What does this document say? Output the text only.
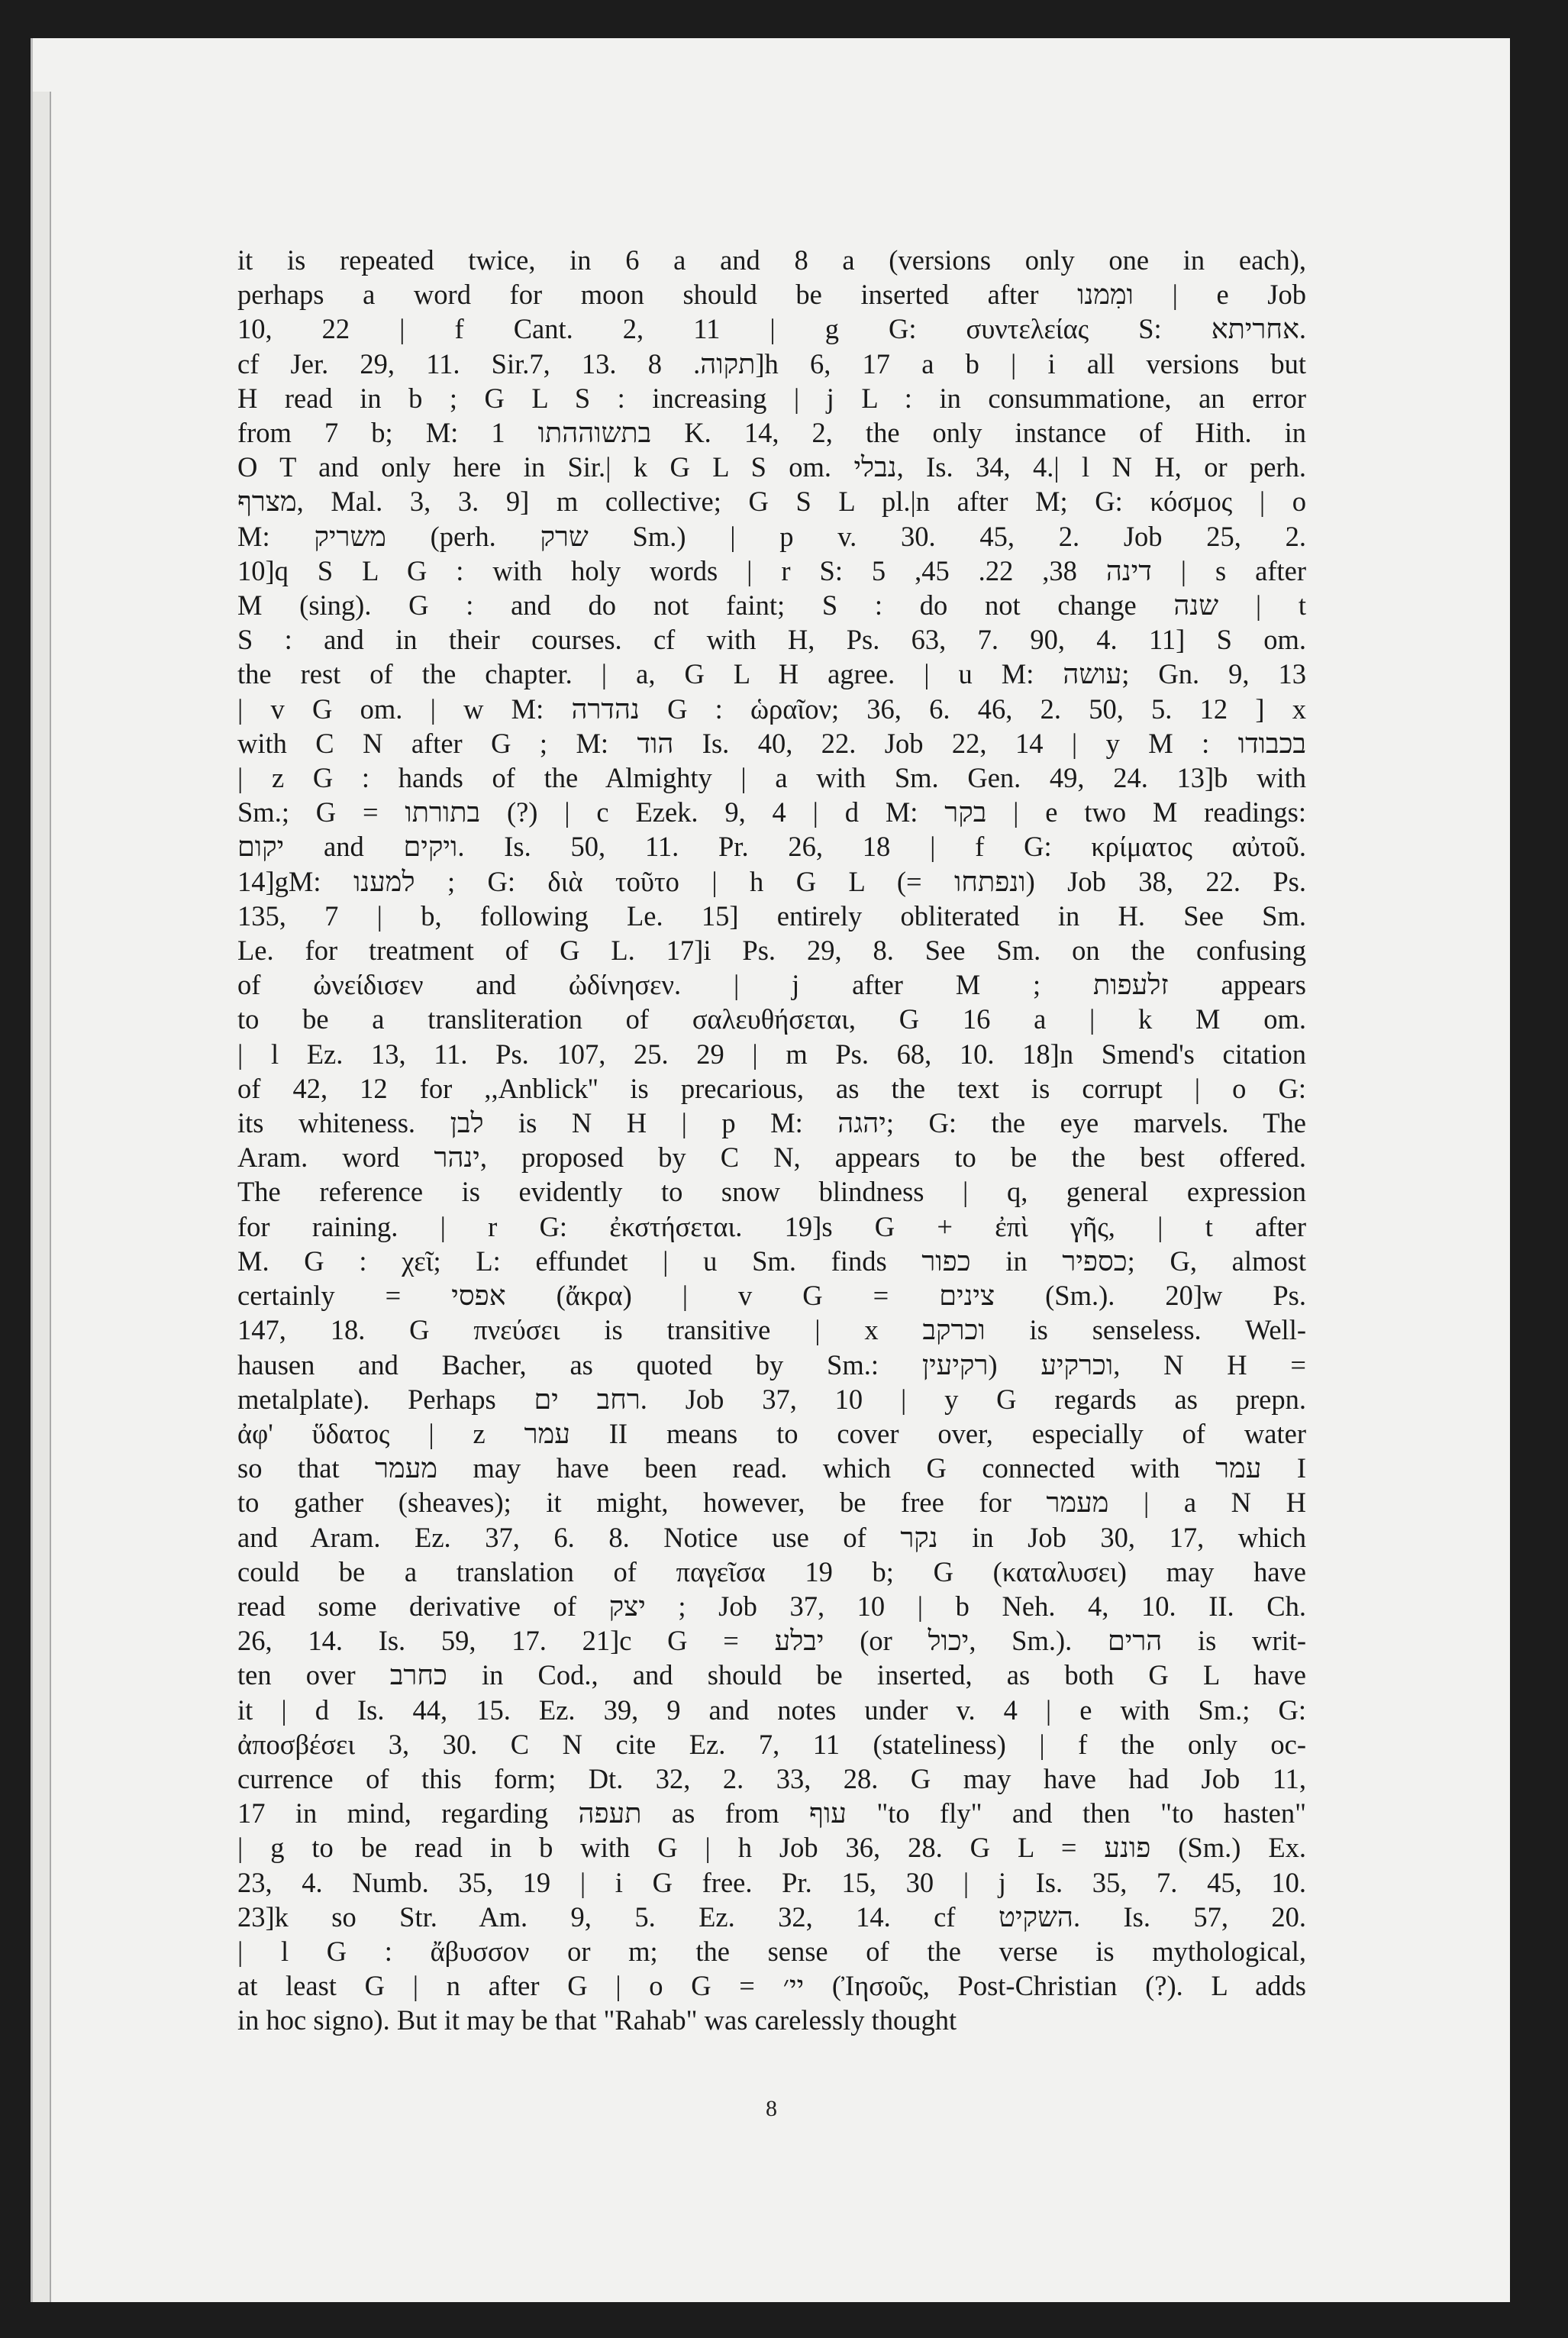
it is repeated twice, in 6 a and 8 a (versions only one in each),
perhaps a word for moon should be inserted after ומִמנו | e Job
10, 22 | f Cant. 2, 11 | g G: συντελείας S: אחריתא.
cf Jer. 29, 11. Sir.7, 13. תקוה. 8]h 6, 17 a b | i all versions but
H read in b ; G L S : increasing | j L : in consummatione, an error
from 7 b; M: בתשוההתו 1 K. 14, 2, the only instance of Hith. in
O T and only here in Sir.| k G L S om. נבלי, Is. 34, 4.| l N H, or perh.
מצרף, Mal. 3, 3. 9] m collective; G S L pl.|n after M; G: κόσμος | o
M: משריק (perh. שרק Sm.) | p v. 30. 45, 2. Job 25, 2.
10]q S L G : with holy words | r S: דינה 38, 22. 45, 5 | s after
M (sing). G : and do not faint; S : do not change שנה | t
S : and in their courses. cf with H, Ps. 63, 7. 90, 4. 11] S om.
the rest of the chapter. | a, G L H agree. | u M: עושה; Gn. 9, 13
| v G om. | w M: נהדרה G : ὡραῖον; 36, 6. 46, 2. 50, 5. 12 ] x
with C N after G ; M: הוד Is. 40, 22. Job 22, 14 | y M : בכבודו
| z G : hands of the Almighty | a with Sm. Gen. 49, 24. 13]b with
Sm.; G = בתורתו (?) | c Ezek. 9, 4 | d M: בקר | e two M readings:
יקום and ויקים. Is. 50, 11. Pr. 26, 18 | f G: κρίματος αὐτοῦ.
14]gM: למענו ; G: διὰ τοῦτο | h G L (= ונפתחו) Job 38, 22. Ps.
135, 7 | b, following Le. 15] entirely obliterated in H. See Sm.
Le. for treatment of G L. 17]i Ps. 29, 8. See Sm. on the confusing
of ὠνείδισεν and ὠδίνησεν. | j after M ; זלעפות appears
to be a transliteration of σαλευθήσεται, G 16 a | k M om.
| l Ez. 13, 11. Ps. 107, 25. 29 | m Ps. 68, 10. 18]n Smend's citation
of 42, 12 for ,,Anblick'' is precarious, as the text is corrupt | o G:
its whiteness. לבן is N H | p M: יהגה; G: the eye marvels. The
Aram. word ינהר, proposed by C N, appears to be the best offered.
The reference is evidently to snow blindness | q, general expression
for raining. | r G: ἐκστήσεται. 19]s G + ἐπὶ γῆς, | t after
M. G : χεῖ; L: effundet | u Sm. finds כפור in כספיר; G, almost
certainly = אפסי (ἄκρα) | v G = צינים (Sm.). 20]w Ps.
147, 18. G πνεύσει is transitive | x וכרקב is senseless. Well-
hausen and Bacher, as quoted by Sm.: וכרקיע (רקיעין, N H =
metalplate). Perhaps רחב ים. Job 37, 10 | y G regards as prepn.
ἀφ' ὕδατος | z עמר II means to cover over, especially of water
so that מעמר may have been read. which G connected with עמר I
to gather (sheaves); it might, however, be free for מעמר | a N H
and Aram. Ez. 37, 6. 8. Notice use of נקר in Job 30, 17, which
could be a translation of παγεῖσα 19 b; G (καταλυσει) may have
read some derivative of יצק ; Job 37, 10 | b Neh. 4, 10. II. Ch.
26, 14. Is. 59, 17. 21]c G = יבלע (or יכול, Sm.). הרים is writ-
ten over כחרב in Cod., and should be inserted, as both G L have
it | d Is. 44, 15. Ez. 39, 9 and notes under v. 4 | e with Sm.; G:
ἀποσβέσει 3, 30. C N cite Ez. 7, 11 (stateliness) | f the only oc-
currence of this form; Dt. 32, 2. 33, 28. G may have had Job 11,
17 in mind, regarding תעפה as from עוף "to fly" and then "to hasten"
| g to be read in b with G | h Job 36, 28. G L = פונע (Sm.) Ex.
23, 4. Numb. 35, 19 | i G free. Pr. 15, 30 | j Is. 35, 7. 45, 10.
23]k so Str. Am. 9, 5. Ez. 32, 14. cf השקיט. Is. 57, 20.
| l G : ἄβυσσον or m; the sense of the verse is mythological,
at least G | n after G | o G = יי׳ (Ἰησοῦς, Post-Christian (?). L adds
in hoc signo). But it may be that "Rahab" was carelessly thought
8
